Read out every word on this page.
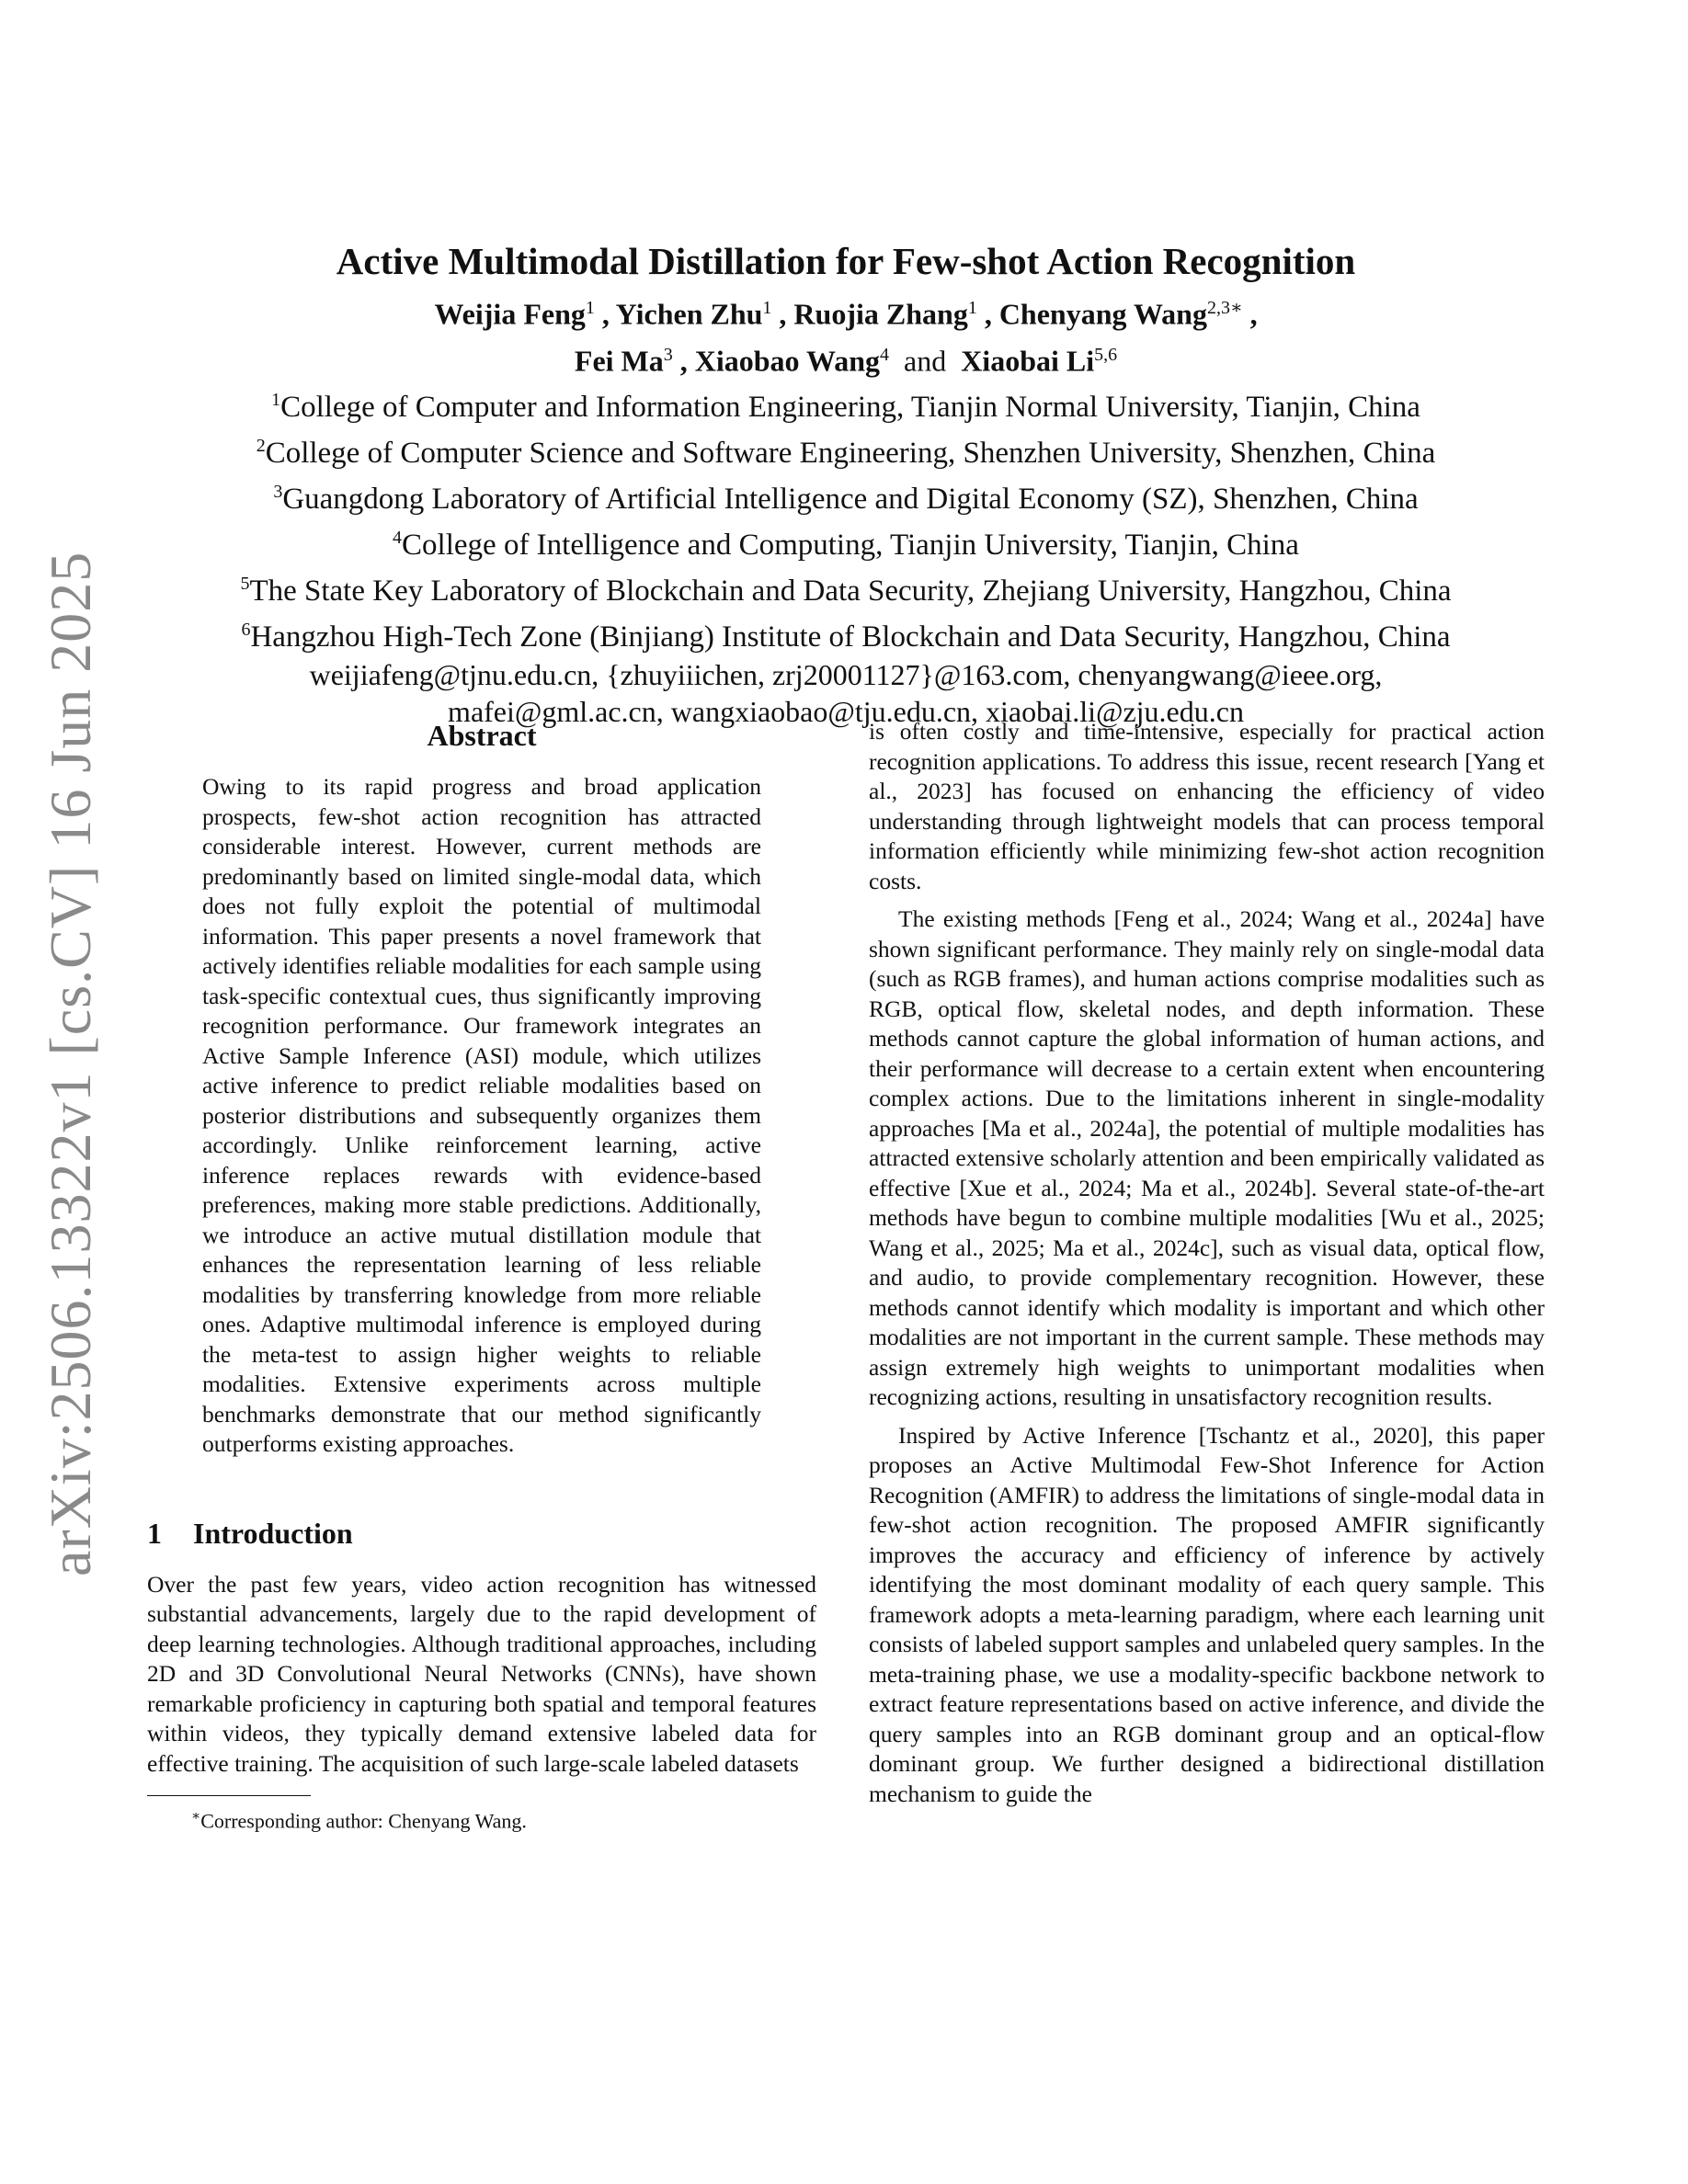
arXiv:2506.13322v1 [cs.CV] 16 Jun 2025
Active Multimodal Distillation for Few-shot Action Recognition
Weijia Feng$^1$ , Yichen Zhu$^1$ , Ruojia Zhang$^1$ , Chenyang Wang$^{2,3∗}$ ,
Fei Ma$^3$ , Xiaobao Wang$^4$ and Xiaobai Li$^{5,6}$
$^1$College of Computer and Information Engineering, Tianjin Normal University, Tianjin, China
$^2$College of Computer Science and Software Engineering, Shenzhen University, Shenzhen, China
$^3$Guangdong Laboratory of Artificial Intelligence and Digital Economy (SZ), Shenzhen, China
$^4$College of Intelligence and Computing, Tianjin University, Tianjin, China
$^5$The State Key Laboratory of Blockchain and Data Security, Zhejiang University, Hangzhou, China
$^6$Hangzhou High-Tech Zone (Binjiang) Institute of Blockchain and Data Security, Hangzhou, China
weijiafeng@tjnu.edu.cn, {zhuyiiichen, zrj20001127}@163.com, chenyangwang@ieee.org,
mafei@gml.ac.cn, wangxiaobao@tju.edu.cn, xiaobai.li@zju.edu.cn
Abstract

Owing to its rapid progress and broad application prospects, few-shot action recognition has attracted considerable interest. However, current methods are predominantly based on limited single-modal data, which does not fully exploit the potential of multimodal information. This paper presents a novel framework that actively identifies reliable modalities for each sample using task-specific contextual cues, thus significantly improving recognition performance. Our framework integrates an Active Sample Inference (ASI) module, which utilizes active inference to predict reliable modalities based on posterior distributions and subsequently organizes them accordingly. Unlike reinforcement learning, active inference replaces rewards with evidence-based preferences, making more stable predictions. Additionally, we introduce an active mutual distillation module that enhances the representation learning of less reliable modalities by transferring knowledge from more reliable ones. Adaptive multimodal inference is employed during the meta-test to assign higher weights to reliable modalities. Extensive experiments across multiple benchmarks demonstrate that our method significantly outperforms existing approaches.

1 Introduction

Over the past few years, video action recognition has witnessed substantial advancements, largely due to the rapid development of deep learning technologies. Although traditional approaches, including 2D and 3D Convolutional Neural Networks (CNNs), have shown remarkable proficiency in capturing both spatial and temporal features within videos, they typically demand extensive labeled data for effective training. The acquisition of such large-scale labeled datasets

∗Corresponding author: Chenyang Wang.

is often costly and time-intensive, especially for practical action recognition applications. To address this issue, recent research [Yang et al., 2023] has focused on enhancing the efficiency of video understanding through lightweight models that can process temporal information efficiently while minimizing few-shot action recognition costs.

The existing methods [Feng et al., 2024; Wang et al., 2024a] have shown significant performance. They mainly rely on single-modal data (such as RGB frames), and human actions comprise modalities such as RGB, optical flow, skeletal nodes, and depth information. These methods cannot capture the global information of human actions, and their performance will decrease to a certain extent when encountering complex actions. Due to the limitations inherent in single-modality approaches [Ma et al., 2024a], the potential of multiple modalities has attracted extensive scholarly attention and been empirically validated as effective [Xue et al., 2024; Ma et al., 2024b]. Several state-of-the-art methods have begun to combine multiple modalities [Wu et al., 2025; Wang et al., 2025; Ma et al., 2024c], such as visual data, optical flow, and audio, to provide complementary recognition. However, these methods cannot identify which modality is important and which other modalities are not important in the current sample. These methods may assign extremely high weights to unimportant modalities when recognizing actions, resulting in unsatisfactory recognition results.

Inspired by Active Inference [Tschantz et al., 2020], this paper proposes an Active Multimodal Few-Shot Inference for Action Recognition (AMFIR) to address the limitations of single-modal data in few-shot action recognition. The proposed AMFIR significantly improves the accuracy and efficiency of inference by actively identifying the most dominant modality of each query sample. This framework adopts a meta-learning paradigm, where each learning unit consists of labeled support samples and unlabeled query samples. In the meta-training phase, we use a modality-specific backbone network to extract feature representations based on active inference, and divide the query samples into an RGB dominant group and an optical-flow dominant group. We further designed a bidirectional distillation mechanism to guide the
